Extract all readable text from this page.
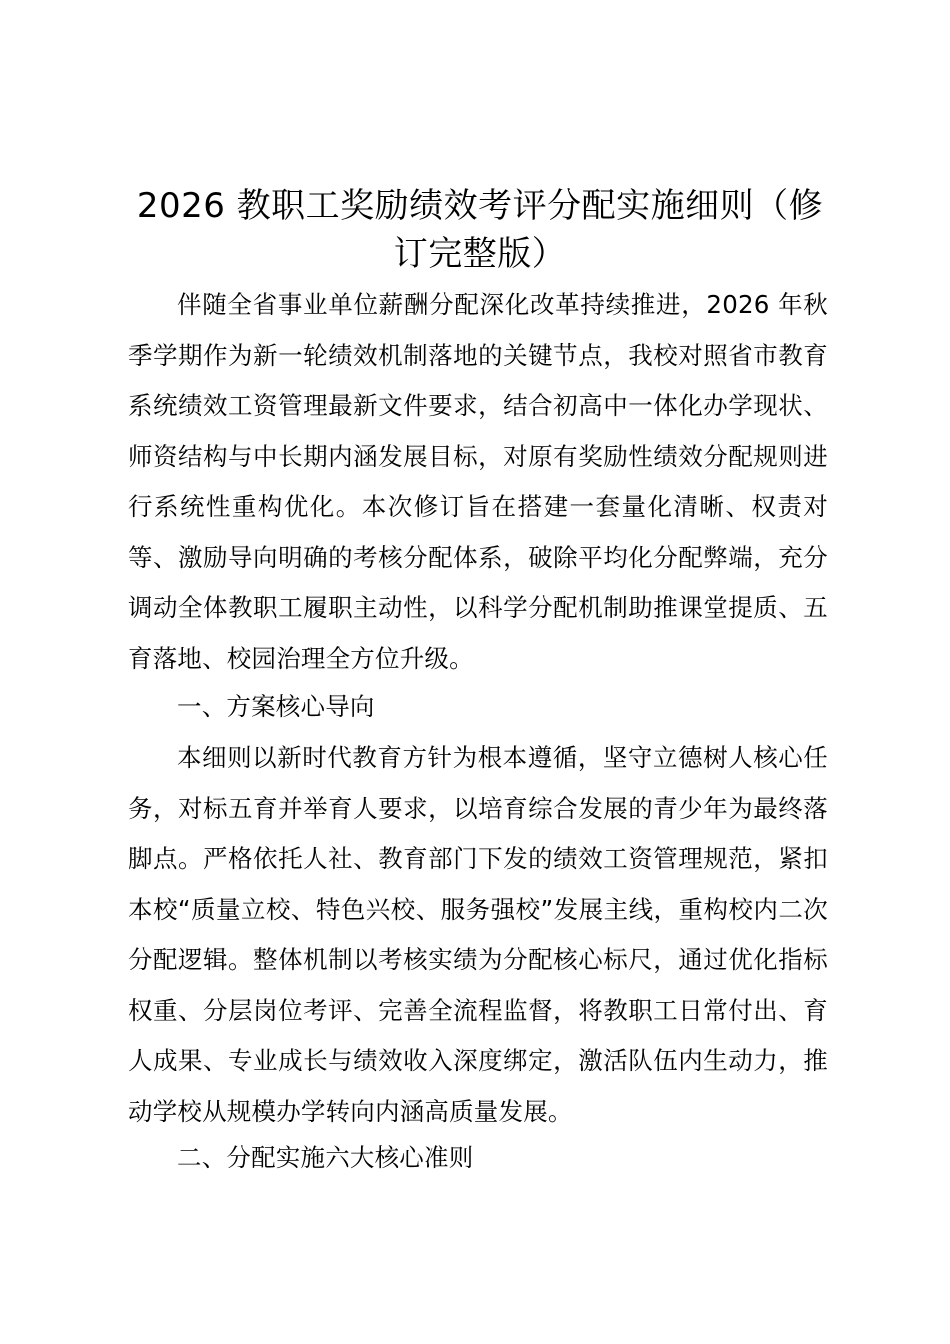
2026 教职工奖励绩效考评分配实施细则（修订完整版）

伴随全省事业单位薪酬分配深化改革持续推进，2026 年秋季学期作为新一轮绩效机制落地的关键节点，我校对照省市教育系统绩效工资管理最新文件要求，结合初高中一体化办学现状、师资结构与中长期内涵发展目标，对原有奖励性绩效分配规则进行系统性重构优化。本次修订旨在搭建一套量化清晰、权责对等、激励导向明确的考核分配体系，破除平均化分配弊端，充分调动全体教职工履职主动性，以科学分配机制助推课堂提质、五育落地、校园治理全方位升级。

一、方案核心导向

本细则以新时代教育方针为根本遵循，坚守立德树人核心任务，对标五育并举育人要求，以培育综合发展的青少年为最终落脚点。严格依托人社、教育部门下发的绩效工资管理规范，紧扣本校“质量立校、特色兴校、服务强校”发展主线，重构校内二次分配逻辑。整体机制以考核实绩为分配核心标尺，通过优化指标权重、分层岗位考评、完善全流程监督，将教职工日常付出、育人成果、专业成长与绩效收入深度绑定，激活队伍内生动力，推动学校从规模办学转向内涵高质量发展。

二、分配实施六大核心准则
